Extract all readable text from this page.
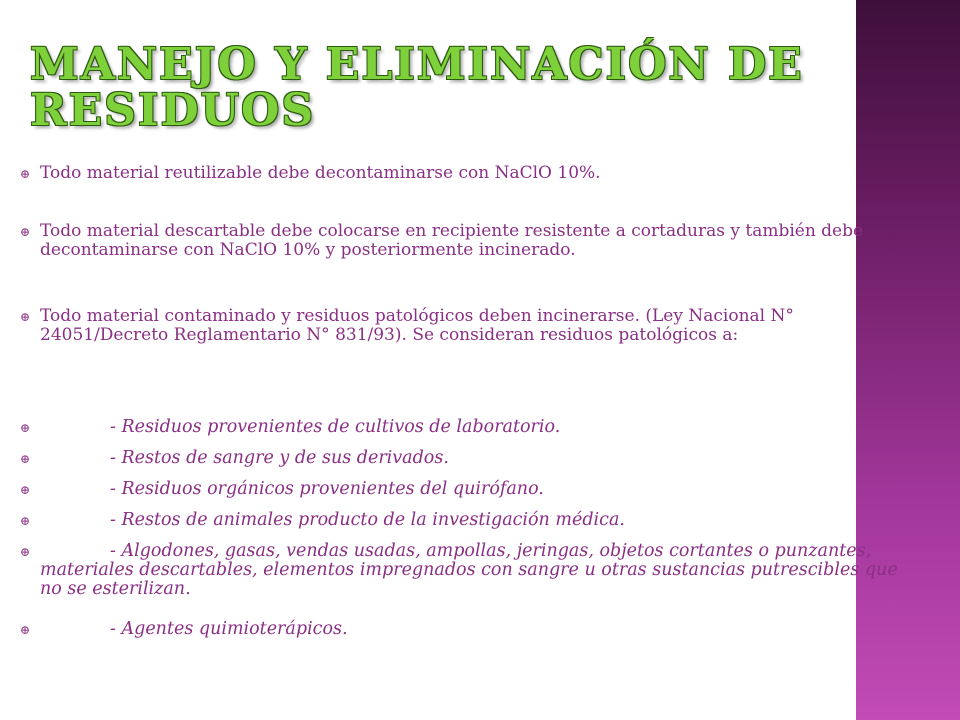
MANEJO Y ELIMINACIÓN DE RESIDUOS
⊕ Todo material reutilizable debe decontaminarse con NaClO 10%.
⊕ Todo material descartable debe colocarse en recipiente resistente a cortaduras y también debe decontaminarse con NaClO 10% y posteriormente incinerado.
⊕ Todo material contaminado y residuos patológicos deben incinerarse. (Ley Nacional N° 24051/Decreto Reglamentario N° 831/93). Se consideran residuos patológicos a:
⊕	- Residuos provenientes de cultivos de laboratorio.
⊕	- Restos de sangre y de sus derivados.
⊕	- Residuos orgánicos provenientes del quirófano.
⊕	- Restos de animales producto de la investigación médica.
⊕	- Algodones, gasas, vendas usadas, ampollas, jeringas, objetos cortantes o punzantes, materiales descartables, elementos impregnados con sangre u otras sustancias putrescibles que no se esterilizan.
⊕	- Agentes quimioterápicos.
